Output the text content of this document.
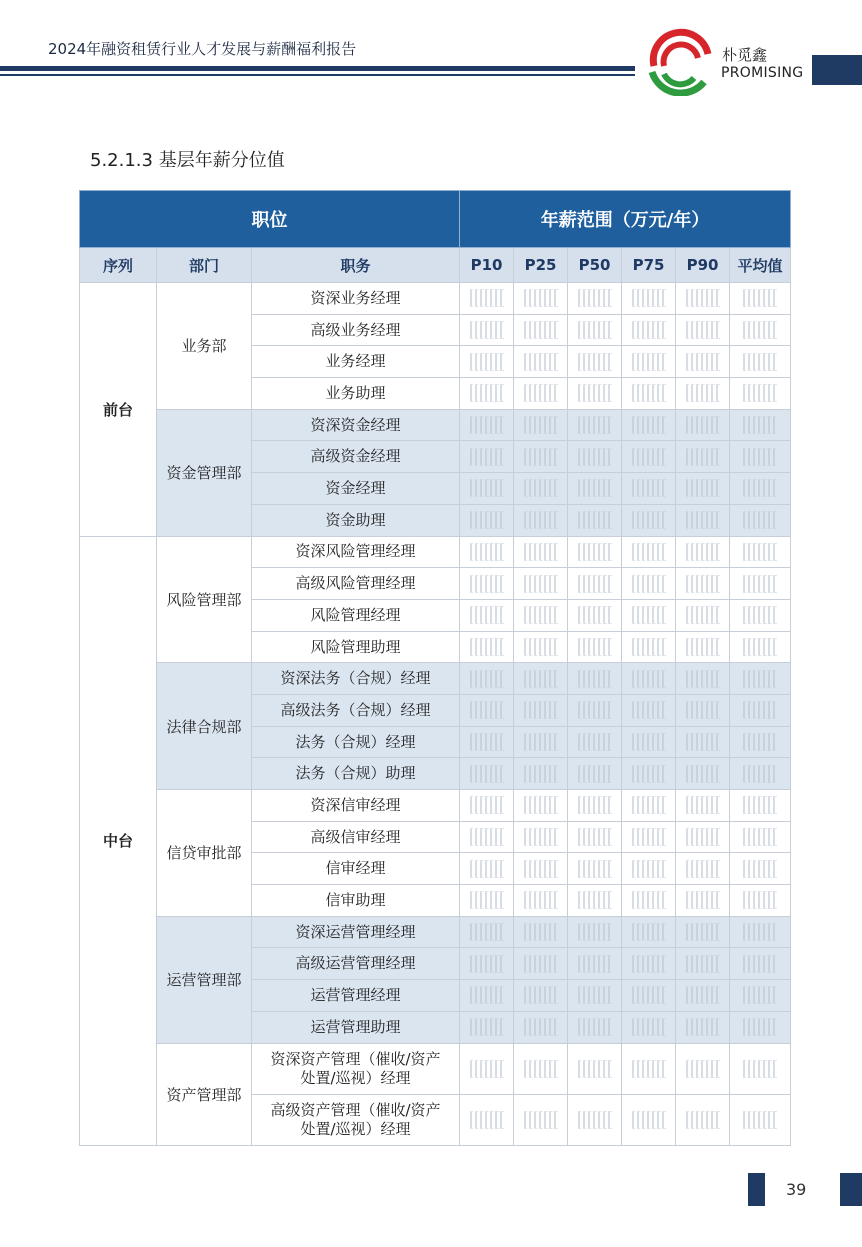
2024年融资租赁行业人才发展与薪酬福利报告	朴觅鑫
PROMISING
5.2.1.3 基层年薪分位值
职位			年薪范围（万元/年）					
序列	部门	职务	P10	P25	P50	P75	P90	平均值
前台	业务部	资深业务经理	

		高级业务经理	

		业务经理	

		业务助理	

	资金管理部	资深资金经理	

		高级资金经理	

		资金经理	

		资金助理	

中台	风险管理部	资深风险管理经理	

		高级风险管理经理	

		风险管理经理	

		风险管理助理	

	法律合规部	资深法务（合规）经理	

		高级法务（合规）经理	

		法务（合规）经理	

		法务（合规）助理	

	信贷审批部	资深信审经理	

		高级信审经理	

		信审经理	

		信审助理	

	运营管理部	资深运营管理经理	

		高级运营管理经理	

		运营管理经理	

		运营管理助理	

	资产管理部	资深资产管理（催收/资产处置/巡视）经理	

		高级资产管理（催收/资产处置/巡视）经理	

39
